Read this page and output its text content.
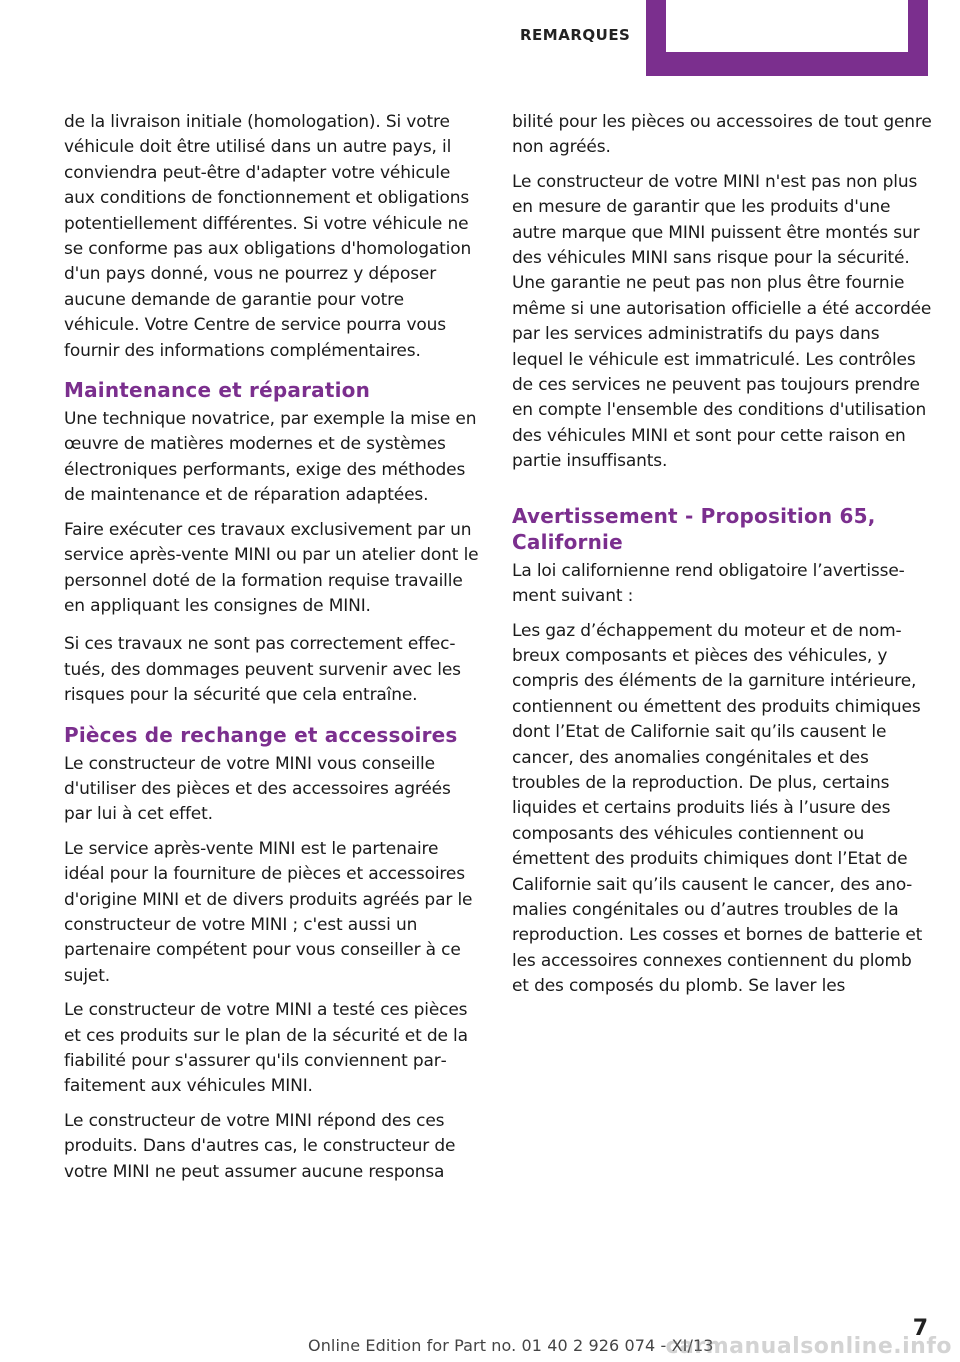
REMARQUES

de la livraison initiale (homologation). Si votre véhicule doit être utilisé dans un autre pays, il conviendra peut-être d'adapter votre véhicule aux conditions de fonctionnement et obligations potentiellement différentes. Si votre véhicule ne se conforme pas aux obligations d'homologation d'un pays donné, vous ne pourrez y déposer aucune demande de garantie pour votre véhicule. Votre Centre de service pourra vous fournir des informations complémentaires.

Maintenance et réparation

Une technique novatrice, par exemple la mise en œuvre de matières modernes et de systèmes électroniques performants, exige des méthodes de maintenance et de réparation adaptées.

Faire exécuter ces travaux exclusivement par un service après-vente MINI ou par un atelier dont le personnel doté de la formation requise travaille en appliquant les consignes de MINI.

Si ces travaux ne sont pas correctement effectués, des dommages peuvent survenir avec les risques pour la sécurité que cela entraîne.

Pièces de rechange et accessoires

Le constructeur de votre MINI vous conseille d'utiliser des pièces et des accessoires agréés par lui à cet effet.

Le service après-vente MINI est le partenaire idéal pour la fourniture de pièces et accessoires d'origine MINI et de divers produits agréés par le constructeur de votre MINI ; c'est aussi un partenaire compétent pour vous conseiller à ce sujet.

Le constructeur de votre MINI a testé ces pièces et ces produits sur le plan de la sécurité et de la fiabilité pour s'assurer qu'ils conviennent parfaitement aux véhicules MINI.

Le constructeur de votre MINI répond des ces produits. Dans d'autres cas, le constructeur de votre MINI ne peut assumer aucune responsa

bilité pour les pièces ou accessoires de tout genre non agréés.

Le constructeur de votre MINI n'est pas non plus en mesure de garantir que les produits d'une autre marque que MINI puissent être montés sur des véhicules MINI sans risque pour la sécurité. Une garantie ne peut pas non plus être fournie même si une autorisation officielle a été accordée par les services administratifs du pays dans lequel le véhicule est immatriculé. Les contrôles de ces services ne peuvent pas toujours prendre en compte l'ensemble des conditions d'utilisation des véhicules MINI et sont pour cette raison en partie insuffisants.

Avertissement - Proposition 65, Californie

La loi californienne rend obligatoire l’avertissement suivant :

Les gaz d’échappement du moteur et de nombreux composants et pièces des véhicules, y compris des éléments de la garniture intérieure, contiennent ou émettent des produits chimiques dont l’Etat de Californie sait qu’ils causent le cancer, des anomalies congénitales et des troubles de la reproduction. De plus, certains liquides et certains produits liés à l’usure des composants des véhicules contiennent ou émettent des produits chimiques dont l’Etat de Californie sait qu’ils causent le cancer, des anomalies congénitales ou d’autres troubles de la reproduction. Les cosses et bornes de batterie et les accessoires connexes contiennent du plomb et des composés du plomb. Se laver les

Online Edition for Part no. 01 40 2 926 074 - XI/13
7
carmanualsonline.info
